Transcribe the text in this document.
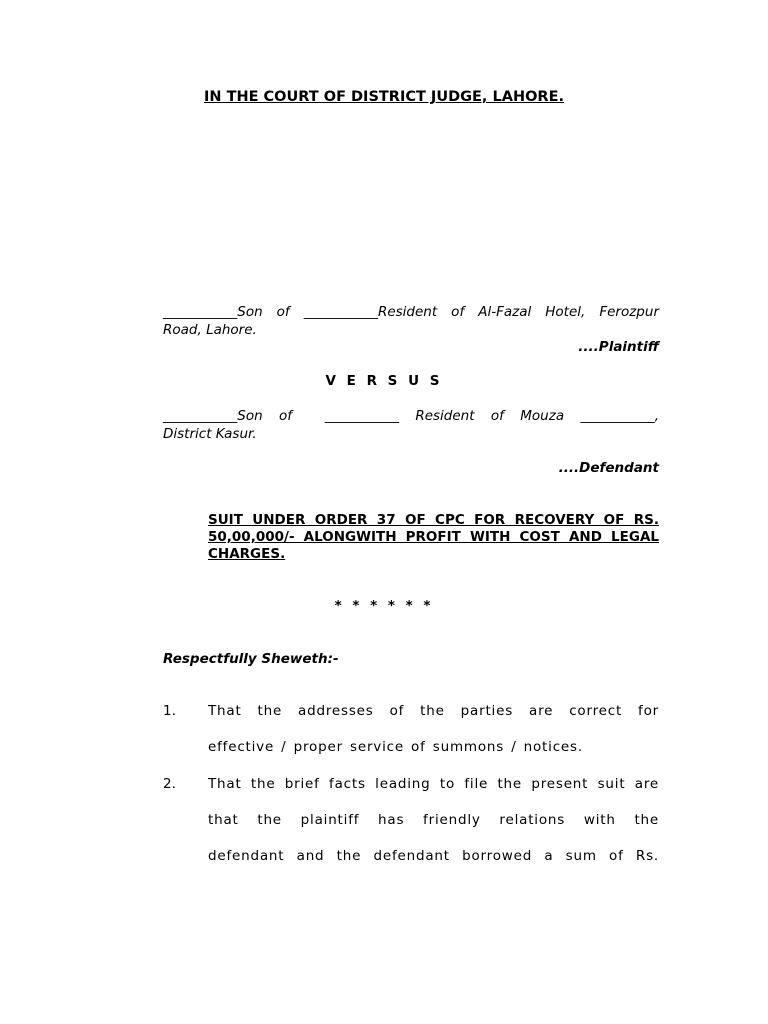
IN THE COURT OF DISTRICT JUDGE, LAHORE.
___________Son of ___________Resident of Al-Fazal Hotel, Ferozpur
Road, Lahore.
....Plaintiff
V E R S U S
___________Son of  ___________ Resident of Mouza ___________,
District Kasur.
....Defendant
SUIT UNDER ORDER 37 OF CPC FOR RECOVERY OF RS. 50,00,000/- ALONGWITH PROFIT WITH COST AND LEGAL CHARGES.
* * * * * *
Respectfully Sheweth:-
1. That the addresses of the parties are correct for
effective / proper service of summons / notices.
2. That the brief facts leading to file the present suit are
that the plaintiff has friendly relations with the
defendant and the defendant borrowed a sum of Rs.
